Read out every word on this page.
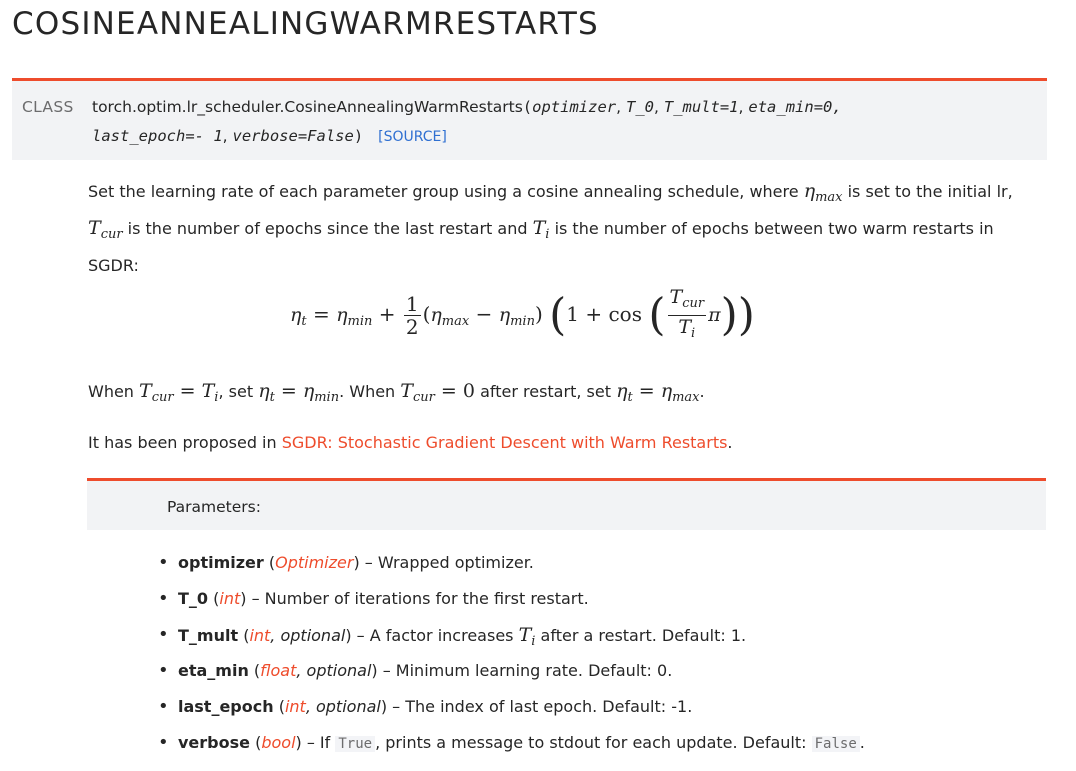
COSINEANNEALINGWARMRESTARTS
CLASS torch.optim.lr_scheduler.CosineAnnealingWarmRestarts(optimizer, T_0, T_mult=1, eta_min=0,
last_epoch=- 1, verbose=False) [SOURCE]
Set the learning rate of each parameter group using a cosine annealing schedule, where $\eta_{max}$ is set to the initial lr,
$T_{cur}$ is the number of epochs since the last restart and $T_i$ is the number of epochs between two warm restarts in
SGDR:
$\eta_t = \eta_{min} + \frac{1}{2} (\eta_{max} - \eta_{min}) (1 + \cos$ ( $\frac{T_{cur}}{T_i} \pi$))
When $T_{cur} = T_i$, set $\eta_t = \eta_{min}$. When $T_{cur} = 0$ after restart, set $\eta_t = \eta_{max}$.
It has been proposed in SGDR: Stochastic Gradient Descent with Warm Restarts.
Parameters:
• optimizer (Optimizer) – Wrapped optimizer.
• T_0 (int) – Number of iterations for the first restart.
• T_mult (int, optional) – A factor increases $T_i$ after a restart. Default: 1.
• eta_min (float, optional) – Minimum learning rate. Default: 0.
• last_epoch (int, optional) – The index of last epoch. Default: -1.
• verbose (bool) – If True , prints a message to stdout for each update. Default: False .
